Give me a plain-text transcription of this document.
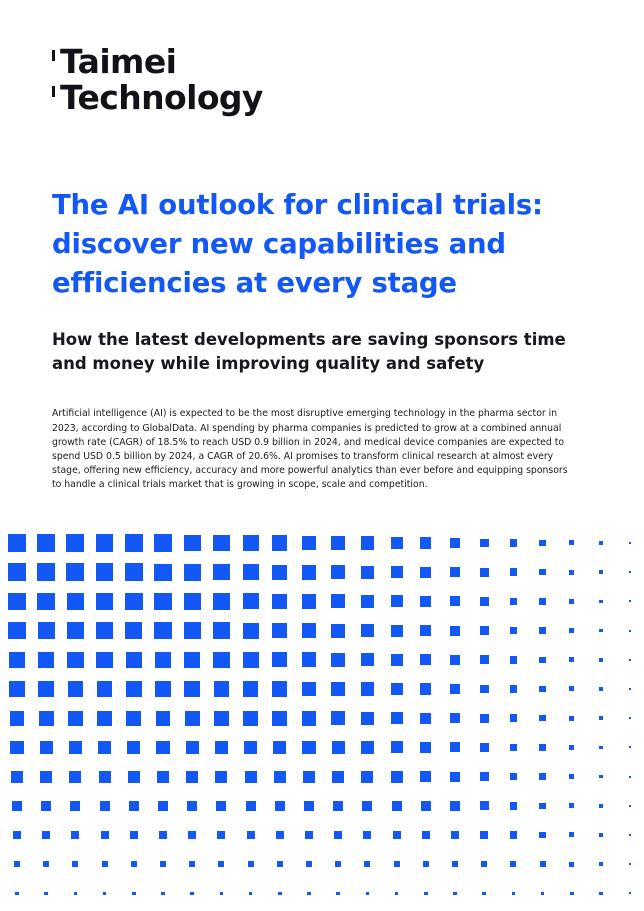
Taimei
Technology
The AI outlook for clinical trials: discover new capabilities and efficiencies at every stage
How the latest developments are saving sponsors time and money while improving quality and safety

Artificial intelligence (AI) is expected to be the most disruptive emerging technology in the pharma sector in 2023, according to GlobalData. AI spending by pharma companies is predicted to grow at a combined annual growth rate (CAGR) of 18.5% to reach USD 0.9 billion in 2024, and medical device companies are expected to spend USD 0.5 billion by 2024, a CAGR of 20.6%. AI promises to transform clinical research at almost every stage, offering new efficiency, accuracy and more powerful analytics than ever before and equipping sponsors to handle a clinical trials market that is growing in scope, scale and competition.
